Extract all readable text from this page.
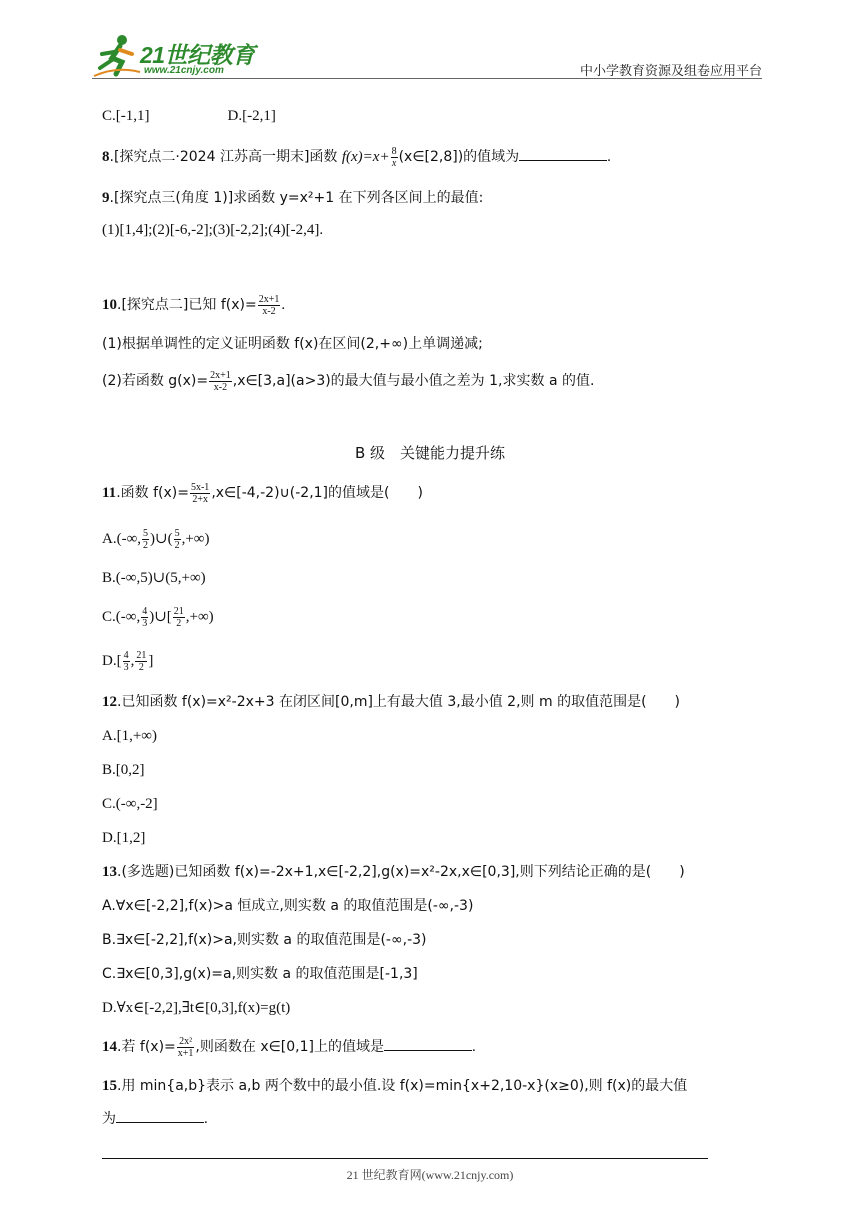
21世纪教育
www.21cnjy.com	中小学教育资源及组卷应用平台
C.[-1,1]	D.[-2,1]
8.[探究点二·2024 江苏高一期末]函数 $f(x)=x+ \frac{8}{x}$ (x∈[2,8])的值域为	.
9.[探究点三(角度 1)]求函数 y=x²+1 在下列各区间上的最值:
(1)[1,4];(2)[-6,-2];(3)[-2,2];(4)[-2,4].
10.[探究点二]已知 $f(x)= \frac{2x+1}{x-2}$ .
(1)根据单调性的定义证明函数 f(x)在区间(2,+∞)上单调递减;
(2)若函数 $g(x)= \frac{2x+1}{x-2}$ ,x∈[3,a](a>3)的最大值与最小值之差为 1,求实数 a 的值.
B 级　关键能力提升练
11.函数 $f(x)= \frac{5x-1}{2+x}$ ,x∈[-4,-2)∪(-2,1]的值域是(　　)
A.(-∞, $\frac{5}{2}$ )∪( $\frac{5}{2}$ ,+∞)
B.(-∞,5)∪(5,+∞)
C.(-∞, $\frac{4}{3}$ )∪[ $\frac{21}{2}$ ,+∞)
$D.[ \frac{4}{3}$ , $\frac{21}{2}$ ]
12.已知函数 f(x)=x²-2x+3 在闭区间[0,m]上有最大值 3,最小值 2,则 m 的取值范围是(　　)
A.[1,+∞)
B.[0,2]
C.(-∞,-2]
D.[1,2]
13.(多选题)已知函数 f(x)=-2x+1,x∈[-2,2],g(x)=x²-2x,x∈[0,3],则下列结论正确的是(　　)
A.∀x∈[-2,2],f(x)>a 恒成立,则实数 a 的取值范围是(-∞,-3)
B.∃x∈[-2,2],f(x)>a,则实数 a 的取值范围是(-∞,-3)
C.∃x∈[0,3],g(x)=a,则实数 a 的取值范围是[-1,3]
D.∀x∈[-2,2],∃t∈[0,3],f(x)=g(t)
14.若 $f(x)= \frac{\text{2x²}}{x+1}$ ,则函数在 x∈[0,1]上的值域是	.
15.用 min{a,b}表示 a,b 两个数中的最小值.设 f(x)=min{x+2,10-x}(x≥0),则 f(x)的最大值
为	.
21 世纪教育网(www.21cnjy.com)
